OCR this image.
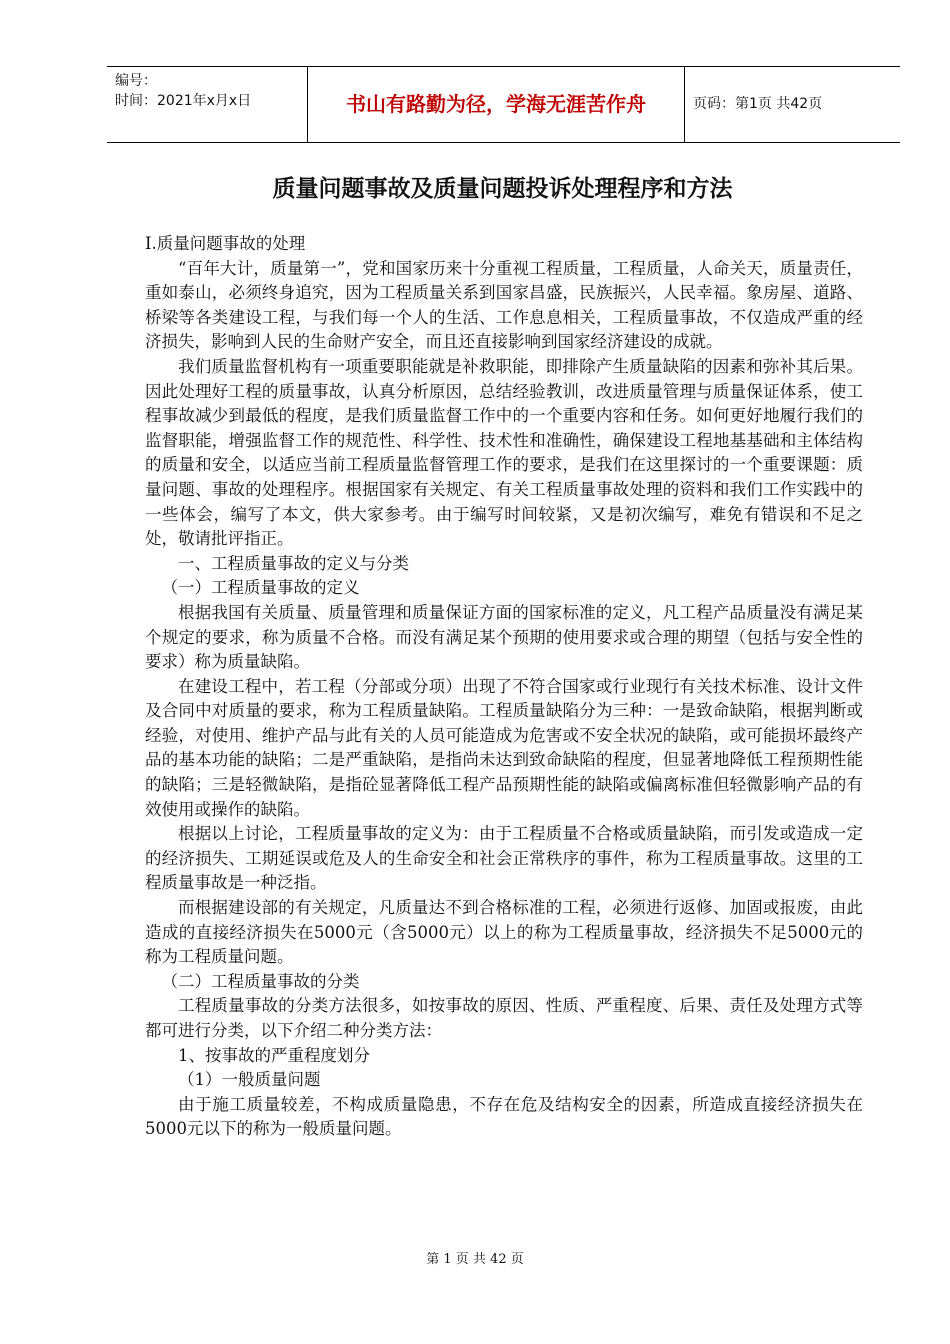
编号：
时间：2021年x月x日	书山有路勤为径，学海无涯苦作舟	页码：第1页 共42页
质量问题事故及质量问题投诉处理程序和方法

Ⅰ.质量问题事故的处理

“百年大计，质量第一”，党和国家历来十分重视工程质量，工程质量，人命关天，质量责任，重如泰山，必须终身追究，因为工程质量关系到国家昌盛，民族振兴，人民幸福。象房屋、道路、桥梁等各类建设工程，与我们每一个人的生活、工作息息相关，工程质量事故，不仅造成严重的经济损失，影响到人民的生命财产安全，而且还直接影响到国家经济建设的成就。

我们质量监督机构有一项重要职能就是补救职能，即排除产生质量缺陷的因素和弥补其后果。因此处理好工程的质量事故，认真分析原因，总结经验教训，改进质量管理与质量保证体系，使工程事故减少到最低的程度，是我们质量监督工作中的一个重要内容和任务。如何更好地履行我们的监督职能，增强监督工作的规范性、科学性、技术性和准确性，确保建设工程地基基础和主体结构的质量和安全，以适应当前工程质量监督管理工作的要求，是我们在这里探讨的一个重要课题：质量问题、事故的处理程序。根据国家有关规定、有关工程质量事故处理的资料和我们工作实践中的一些体会，编写了本文，供大家参考。由于编写时间较紧，又是初次编写，难免有错误和不足之处，敬请批评指正。

一、工程质量事故的定义与分类

（一）工程质量事故的定义

根据我国有关质量、质量管理和质量保证方面的国家标准的定义，凡工程产品质量没有满足某个规定的要求，称为质量不合格。而没有满足某个预期的使用要求或合理的期望（包括与安全性的要求）称为质量缺陷。

在建设工程中，若工程（分部或分项）出现了不符合国家或行业现行有关技术标准、设计文件及合同中对质量的要求，称为工程质量缺陷。工程质量缺陷分为三种：一是致命缺陷，根据判断或经验，对使用、维护产品与此有关的人员可能造成为危害或不安全状况的缺陷，或可能损坏最终产品的基本功能的缺陷；二是严重缺陷，是指尚未达到致命缺陷的程度，但显著地降低工程预期性能的缺陷；三是轻微缺陷，是指砼显著降低工程产品预期性能的缺陷或偏离标准但轻微影响产品的有效使用或操作的缺陷。

根据以上讨论，工程质量事故的定义为：由于工程质量不合格或质量缺陷，而引发或造成一定的经济损失、工期延误或危及人的生命安全和社会正常秩序的事件，称为工程质量事故。这里的工程质量事故是一种泛指。

而根据建设部的有关规定，凡质量达不到合格标准的工程，必须进行返修、加固或报废，由此造成的直接经济损失在5000元（含5000元）以上的称为工程质量事故，经济损失不足5000元的称为工程质量问题。

（二）工程质量事故的分类

工程质量事故的分类方法很多，如按事故的原因、性质、严重程度、后果、责任及处理方式等都可进行分类，以下介绍二种分类方法：

1、按事故的严重程度划分

（1）一般质量问题

由于施工质量较差，不构成质量隐患，不存在危及结构安全的因素，所造成直接经济损失在5000元以下的称为一般质量问题。

第 1 页 共 42 页
